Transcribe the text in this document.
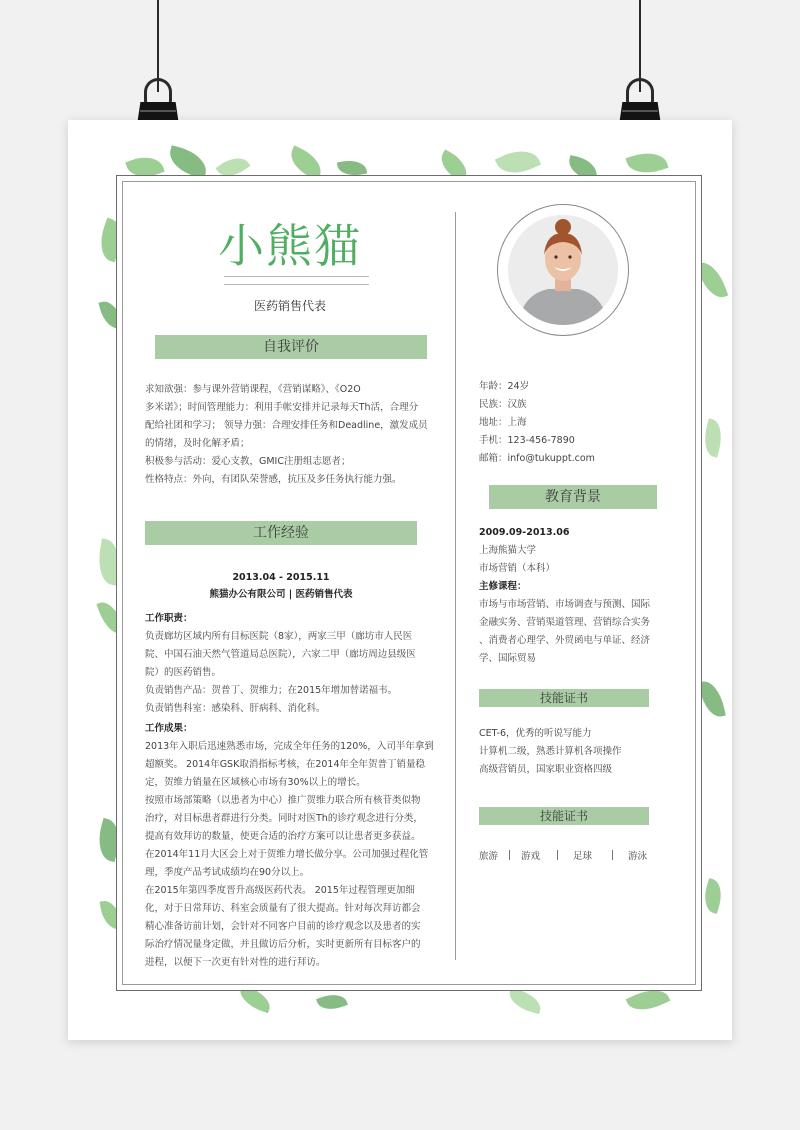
小熊猫
医药销售代表
自我评价
求知欲强：参与课外营销课程，《营销谋略》、《O2O
多米诺》；时间管理能力：利用手帐安排并记录每天Th活，合理分
配给社团和学习； 领导力强：合理安排任务和Deadline，激发成员
的情绪，及时化解矛盾；
积极参与活动：爱心支教，GMIC注册组志愿者；
性格特点：外向，有团队荣誉感，抗压及多任务执行能力强。
工作经验
2013.04 - 2015.11
熊猫办公有限公司 | 医药销售代表
工作职责：
负责廊坊区域内所有目标医院（8家），两家三甲（廊坊市人民医
院、中国石油天然气管道局总医院），六家二甲（廊坊周边县级医
院）的医药销售。
负责销售产品：贺普丁、贺维力；在2015年增加替诺福韦。
负责销售科室：感染科、肝病科、消化科。
工作成果：
2013年入职后迅速熟悉市场，完成全年任务的120%，入司半年拿到
超额奖。 2014年GSK取消指标考核，在2014年全年贺普丁销量稳
定，贺维力销量在区域核心市场有30%以上的增长。
按照市场部策略（以患者为中心）推广贺维力联合所有核苷类似物
治疗，对目标患者群进行分类。同时对医Th的诊疗观念进行分类，
提高有效拜访的数量，使更合适的治疗方案可以让患者更多获益。
在2014年11月大区会上对于贺维力增长做分享。公司加强过程化管
理，季度产品考试成绩均在90分以上。
在2015年第四季度晋升高级医药代表。 2015年过程管理更加细
化，对于日常拜访、科室会质量有了很大提高。针对每次拜访都会
精心准备访前计划，会针对不同客户目前的诊疗观念以及患者的实
际治疗情况量身定做，并且做访后分析，实时更新所有目标客户的
进程，以便下一次更有针对性的进行拜访。
年龄：24岁
民族：汉族
地址：上海
手机：123-456-7890
邮箱：info@tukuppt.com
教育背景
2009.09-2013.06
上海熊猫大学
市场营销（本科）
主修课程：
市场与市场营销、市场调查与预测、国际
金融实务、营销渠道管理、营销综合实务
、消费者心理学、外贸函电与单证、经济
学、国际贸易
技能证书
CET-6，优秀的听说写能力
计算机二级，熟悉计算机各项操作
高级营销员，国家职业资格四级
技能证书
旅游 游戏	足球	游泳
